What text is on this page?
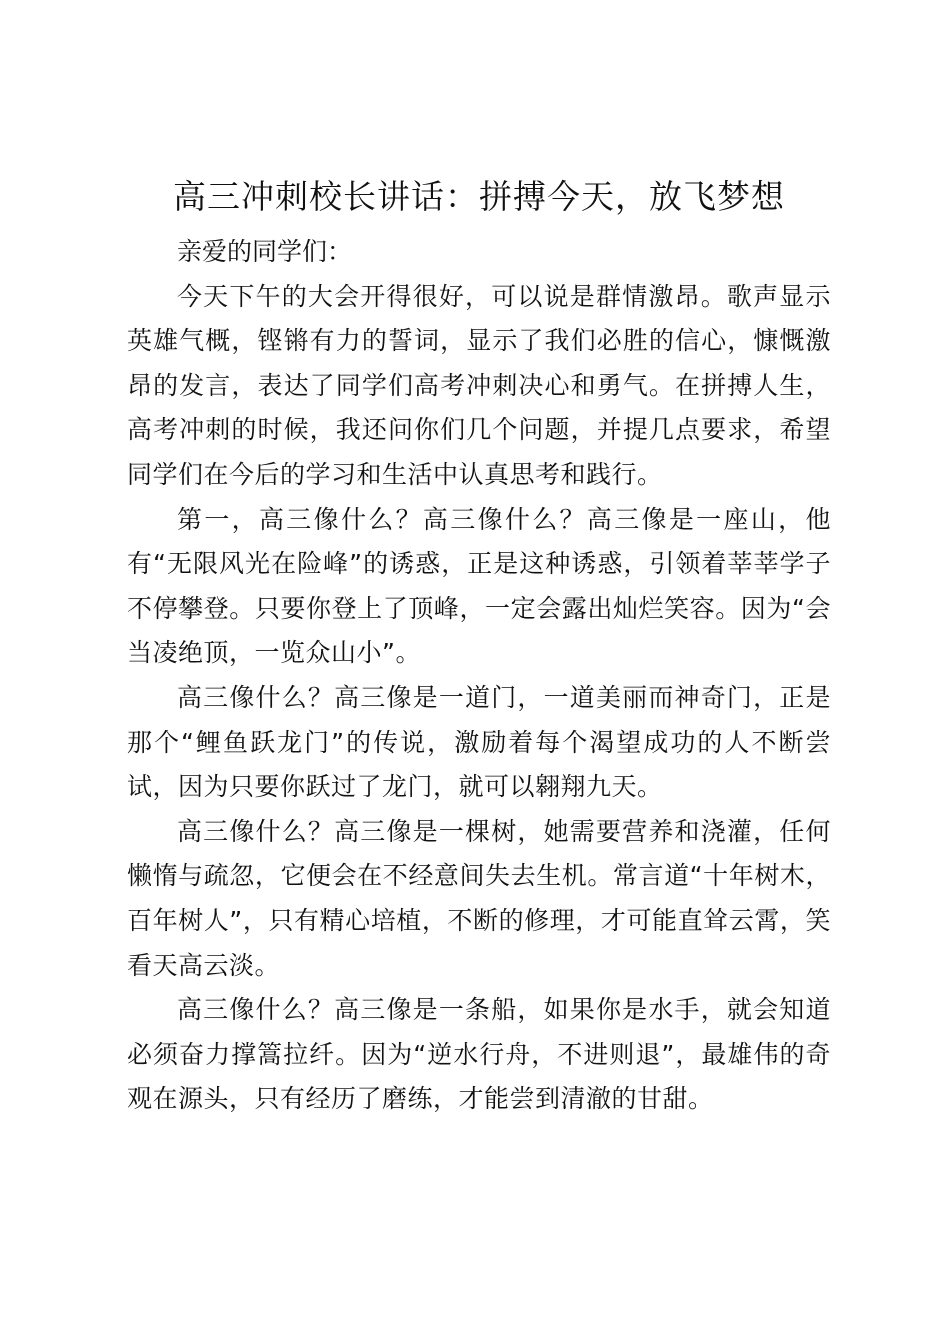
高三冲刺校长讲话：拼搏今天，放飞梦想

亲爱的同学们：

今天下午的大会开得很好，可以说是群情激昂。歌声显示英雄气概，铿锵有力的誓词，显示了我们必胜的信心，慷慨激昂的发言，表达了同学们高考冲刺决心和勇气。在拼搏人生，高考冲刺的时候，我还问你们几个问题，并提几点要求，希望同学们在今后的学习和生活中认真思考和践行。

第一，高三像什么？高三像什么？高三像是一座山，他有“无限风光在险峰”的诱惑，正是这种诱惑，引领着莘莘学子不停攀登。只要你登上了顶峰，一定会露出灿烂笑容。因为“会当凌绝顶，一览众山小”。

高三像什么？高三像是一道门，一道美丽而神奇门，正是那个“鲤鱼跃龙门”的传说，激励着每个渴望成功的人不断尝试，因为只要你跃过了龙门，就可以翱翔九天。

高三像什么？高三像是一棵树，她需要营养和浇灌，任何懒惰与疏忽，它便会在不经意间失去生机。常言道“十年树木，百年树人”，只有精心培植，不断的修理，才可能直耸云霄，笑看天高云淡。

高三像什么？高三像是一条船，如果你是水手，就会知道必须奋力撑篙拉纤。因为“逆水行舟，不进则退”，最雄伟的奇观在源头，只有经历了磨练，才能尝到清澈的甘甜。
